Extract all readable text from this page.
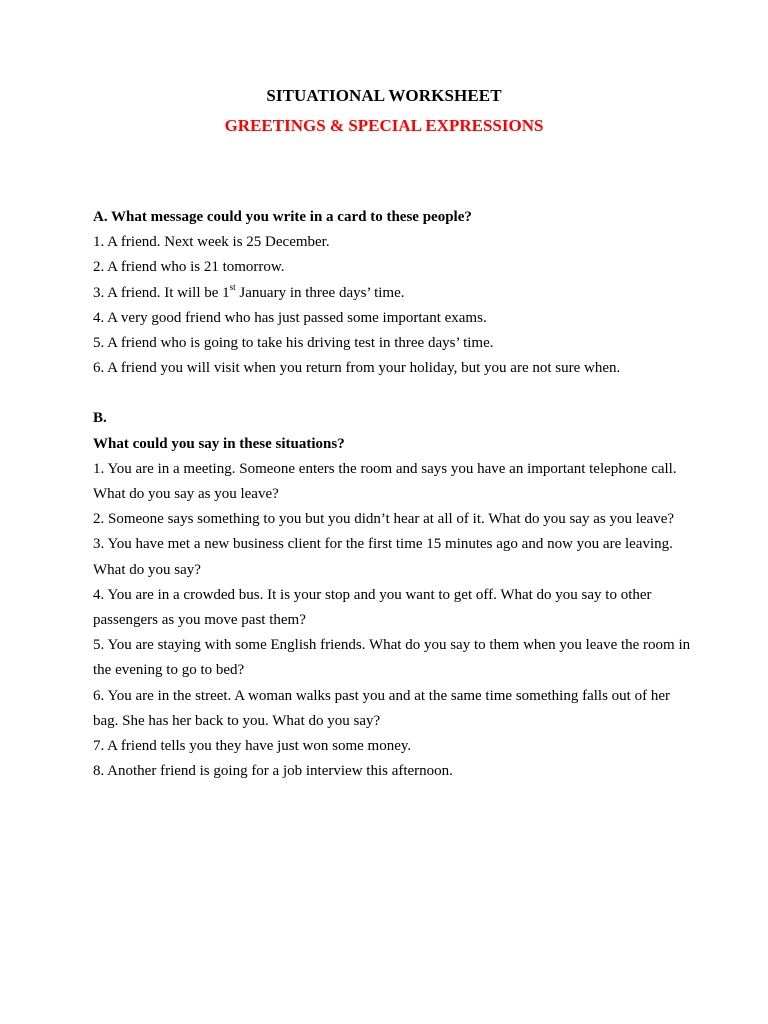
SITUATIONAL WORKSHEET
GREETINGS & SPECIAL EXPRESSIONS

A. What message could you write in a card to these people?

1. A friend. Next week is 25 December.

2. A friend who is 21 tomorrow.

3. A friend. It will be 1st January in three days’ time.

4. A very good friend who has just passed some important exams.

5. A friend who is going to take his driving test in three days’ time.

6. A friend you will visit when you return from your holiday, but you are not sure when.

B.

What could you say in these situations?

1. You are in a meeting. Someone enters the room and says you have an important telephone call. What do you say as you leave?

2. Someone says something to you but you didn’t hear at all of it. What do you say as you leave?

3. You have met a new business client for the first time 15 minutes ago and now you are leaving. What do you say?

4. You are in a crowded bus. It is your stop and you want to get off. What do you say to other passengers as you move past them?

5. You are staying with some English friends. What do you say to them when you leave the room in the evening to go to bed?

6. You are in the street. A woman walks past you and at the same time something falls out of her bag. She has her back to you. What do you say?

7. A friend tells you they have just won some money.

8. Another friend is going for a job interview this afternoon.
